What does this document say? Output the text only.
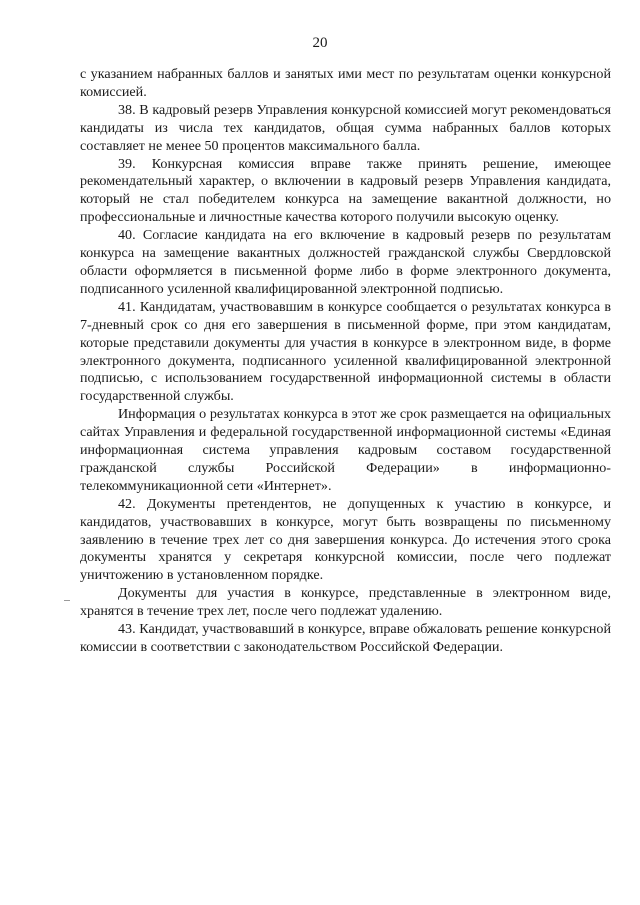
20

с указанием набранных баллов и занятых ими мест по результатам оценки конкурсной комиссией.

38. В кадровый резерв Управления конкурсной комиссией могут рекомендоваться кандидаты из числа тех кандидатов, общая сумма набранных баллов которых составляет не менее 50 процентов максимального балла.

39. Конкурсная комиссия вправе также принять решение, имеющее рекомендательный характер, о включении в кадровый резерв Управления кандидата, который не стал победителем конкурса на замещение вакантной должности, но профессиональные и личностные качества которого получили высокую оценку.

40. Согласие кандидата на его включение в кадровый резерв по результатам конкурса на замещение вакантных должностей гражданской службы Свердловской области оформляется в письменной форме либо в форме электронного документа, подписанного усиленной квалифицированной электронной подписью.

41. Кандидатам, участвовавшим в конкурсе сообщается о результатах конкурса в 7-дневный срок со дня его завершения в письменной форме, при этом кандидатам, которые представили документы для участия в конкурсе в электронном виде, в форме электронного документа, подписанного усиленной квалифицированной электронной подписью, с использованием государственной информационной системы в области государственной службы.

Информация о результатах конкурса в этот же срок размещается на официальных сайтах Управления и федеральной государственной информационной системы «Единая информационная система управления кадровым составом государственной гражданской службы Российской Федерации» в информационно-телекоммуникационной сети «Интернет».

42. Документы претендентов, не допущенных к участию в конкурсе, и кандидатов, участвовавших в конкурсе, могут быть возвращены по письменному заявлению в течение трех лет со дня завершения конкурса. До истечения этого срока документы хранятся у секретаря конкурсной комиссии, после чего подлежат уничтожению в установленном порядке.

Документы для участия в конкурсе, представленные в электронном виде, хранятся в течение трех лет, после чего подлежат удалению.

43. Кандидат, участвовавший в конкурсе, вправе обжаловать решение конкурсной комиссии в соответствии с законодательством Российской Федерации.
